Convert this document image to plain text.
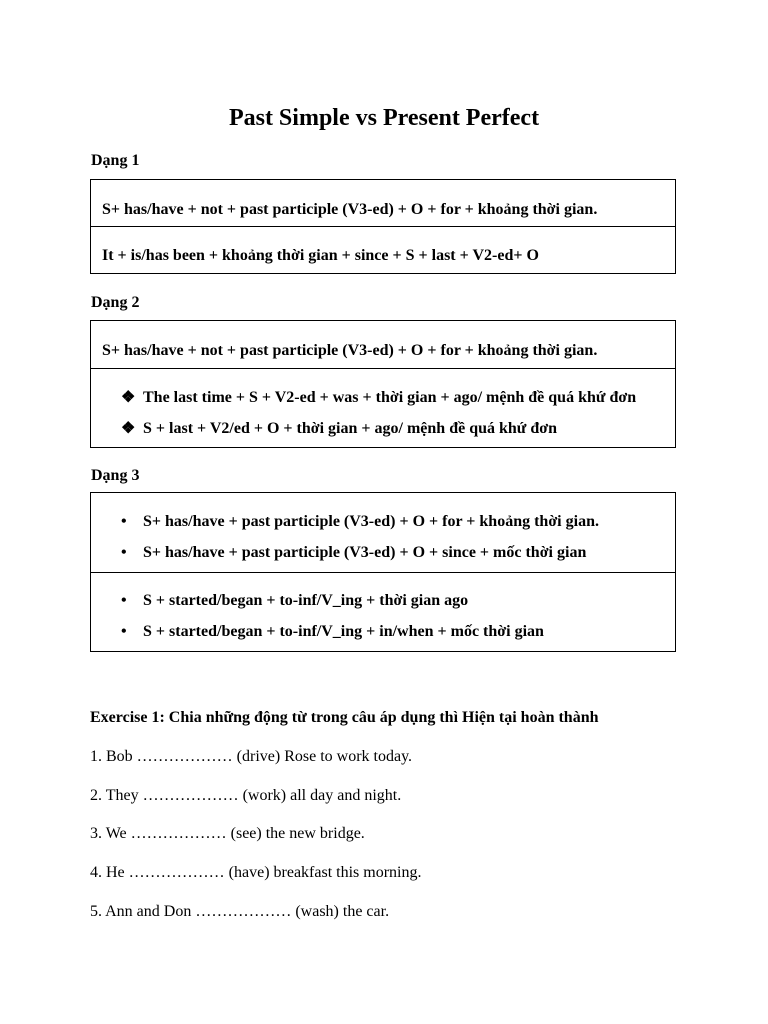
Past Simple vs Present Perfect
Dạng 1
S+ has/have + not + past participle (V3-ed) + O + for + khoảng thời gian.
It + is/has been + khoảng thời gian + since + S + last + V2-ed+ O
Dạng 2
S+ has/have + not + past participle (V3-ed) + O + for + khoảng thời gian.
❖ The last time + S + V2-ed + was + thời gian + ago/ mệnh đề quá khứ đơn
❖ S + last + V2/ed + O + thời gian + ago/ mệnh đề quá khứ đơn
Dạng 3
• S+ has/have + past participle (V3-ed) + O + for + khoảng thời gian.
• S+ has/have + past participle (V3-ed) + O + since + mốc thời gian
• S + started/began + to-inf/V_ing + thời gian ago
• S + started/began + to-inf/V_ing + in/when + mốc thời gian
Exercise 1: Chia những động từ trong câu áp dụng thì Hiện tại hoàn thành
1. Bob ……………… (drive) Rose to work today.
2. They ……………… (work) all day and night.
3. We ……………… (see) the new bridge.
4. He ……………… (have) breakfast this morning.
5. Ann and Don ……………… (wash) the car.
